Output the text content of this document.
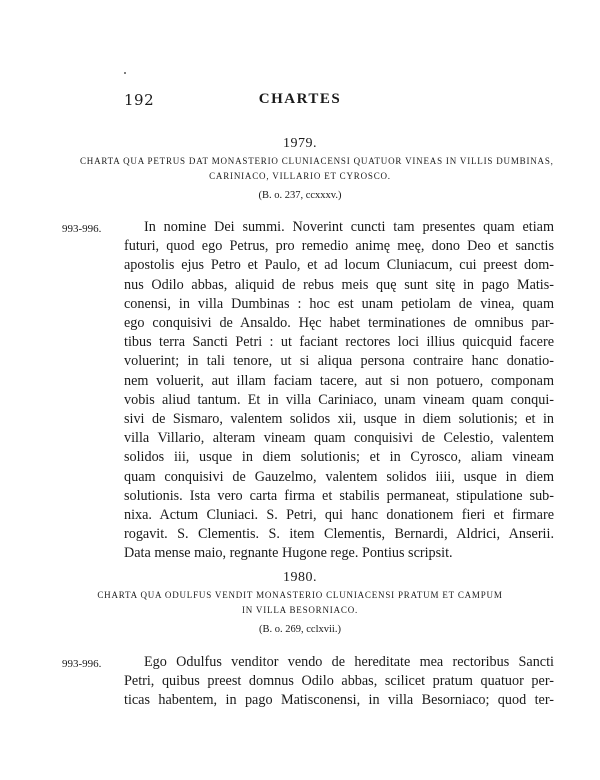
CHARTES
192
1979.
CHARTA QUA PETRUS DAT MONASTERIO CLUNIACENSI QUATUOR VINEAS IN VILLIS DUMBINAS,
CARINIACO, VILLARIO ET CYROSCO.
(B. o. 237, ccxxxv.)
993-996.	In nomine Dei summi. Noverint cuncti tam presentes quam etiam
futuri, quod ego Petrus, pro remedio animę meę, dono Deo et sanctis
apostolis ejus Petro et Paulo, et ad locum Cluniacum, cui preest dom-
nus Odilo abbas, aliquid de rebus meis quę sunt sitę in pago Matis-
conensi, in villa Dumbinas : hoc est unam petiolam de vinea, quam
ego conquisivi de Ansaldo. Hęc habet terminationes de omnibus par-
tibus terra Sancti Petri : ut faciant rectores loci illius quicquid facere
voluerint; in tali tenore, ut si aliqua persona contraire hanc donatio-
nem voluerit, aut illam faciam tacere, aut si non potuero, componam
vobis aliud tantum. Et in villa Cariniaco, unam vineam quam conqui-
sivi de Sismaro, valentem solidos xii, usque in diem solutionis; et in
villa Villario, alteram vineam quam conquisivi de Celestio, valentem
solidos iii, usque in diem solutionis; et in Cyrosco, aliam vineam
quam conquisivi de Gauzelmo, valentem solidos iiii, usque in diem
solutionis. Ista vero carta firma et stabilis permaneat, stipulatione sub-
nixa. Actum Cluniaci. S. Petri, qui hanc donationem fieri et firmare
rogavit. S. Clementis. S. item Clementis, Bernardi, Aldrici, Anserii.
Data mense maio, regnante Hugone rege. Pontius scripsit.
1980.
CHARTA QUA ODULFUS VENDIT MONASTERIO CLUNIACENSI PRATUM ET CAMPUM
IN VILLA BESORNIACO.
(B. o. 269, cclxvii.)
993-996.	Ego Odulfus venditor vendo de hereditate mea rectoribus Sancti
Petri, quibus preest domnus Odilo abbas, scilicet pratum quatuor per-
ticas habentem, in pago Matisconensi, in villa Besorniaco; quod ter-
